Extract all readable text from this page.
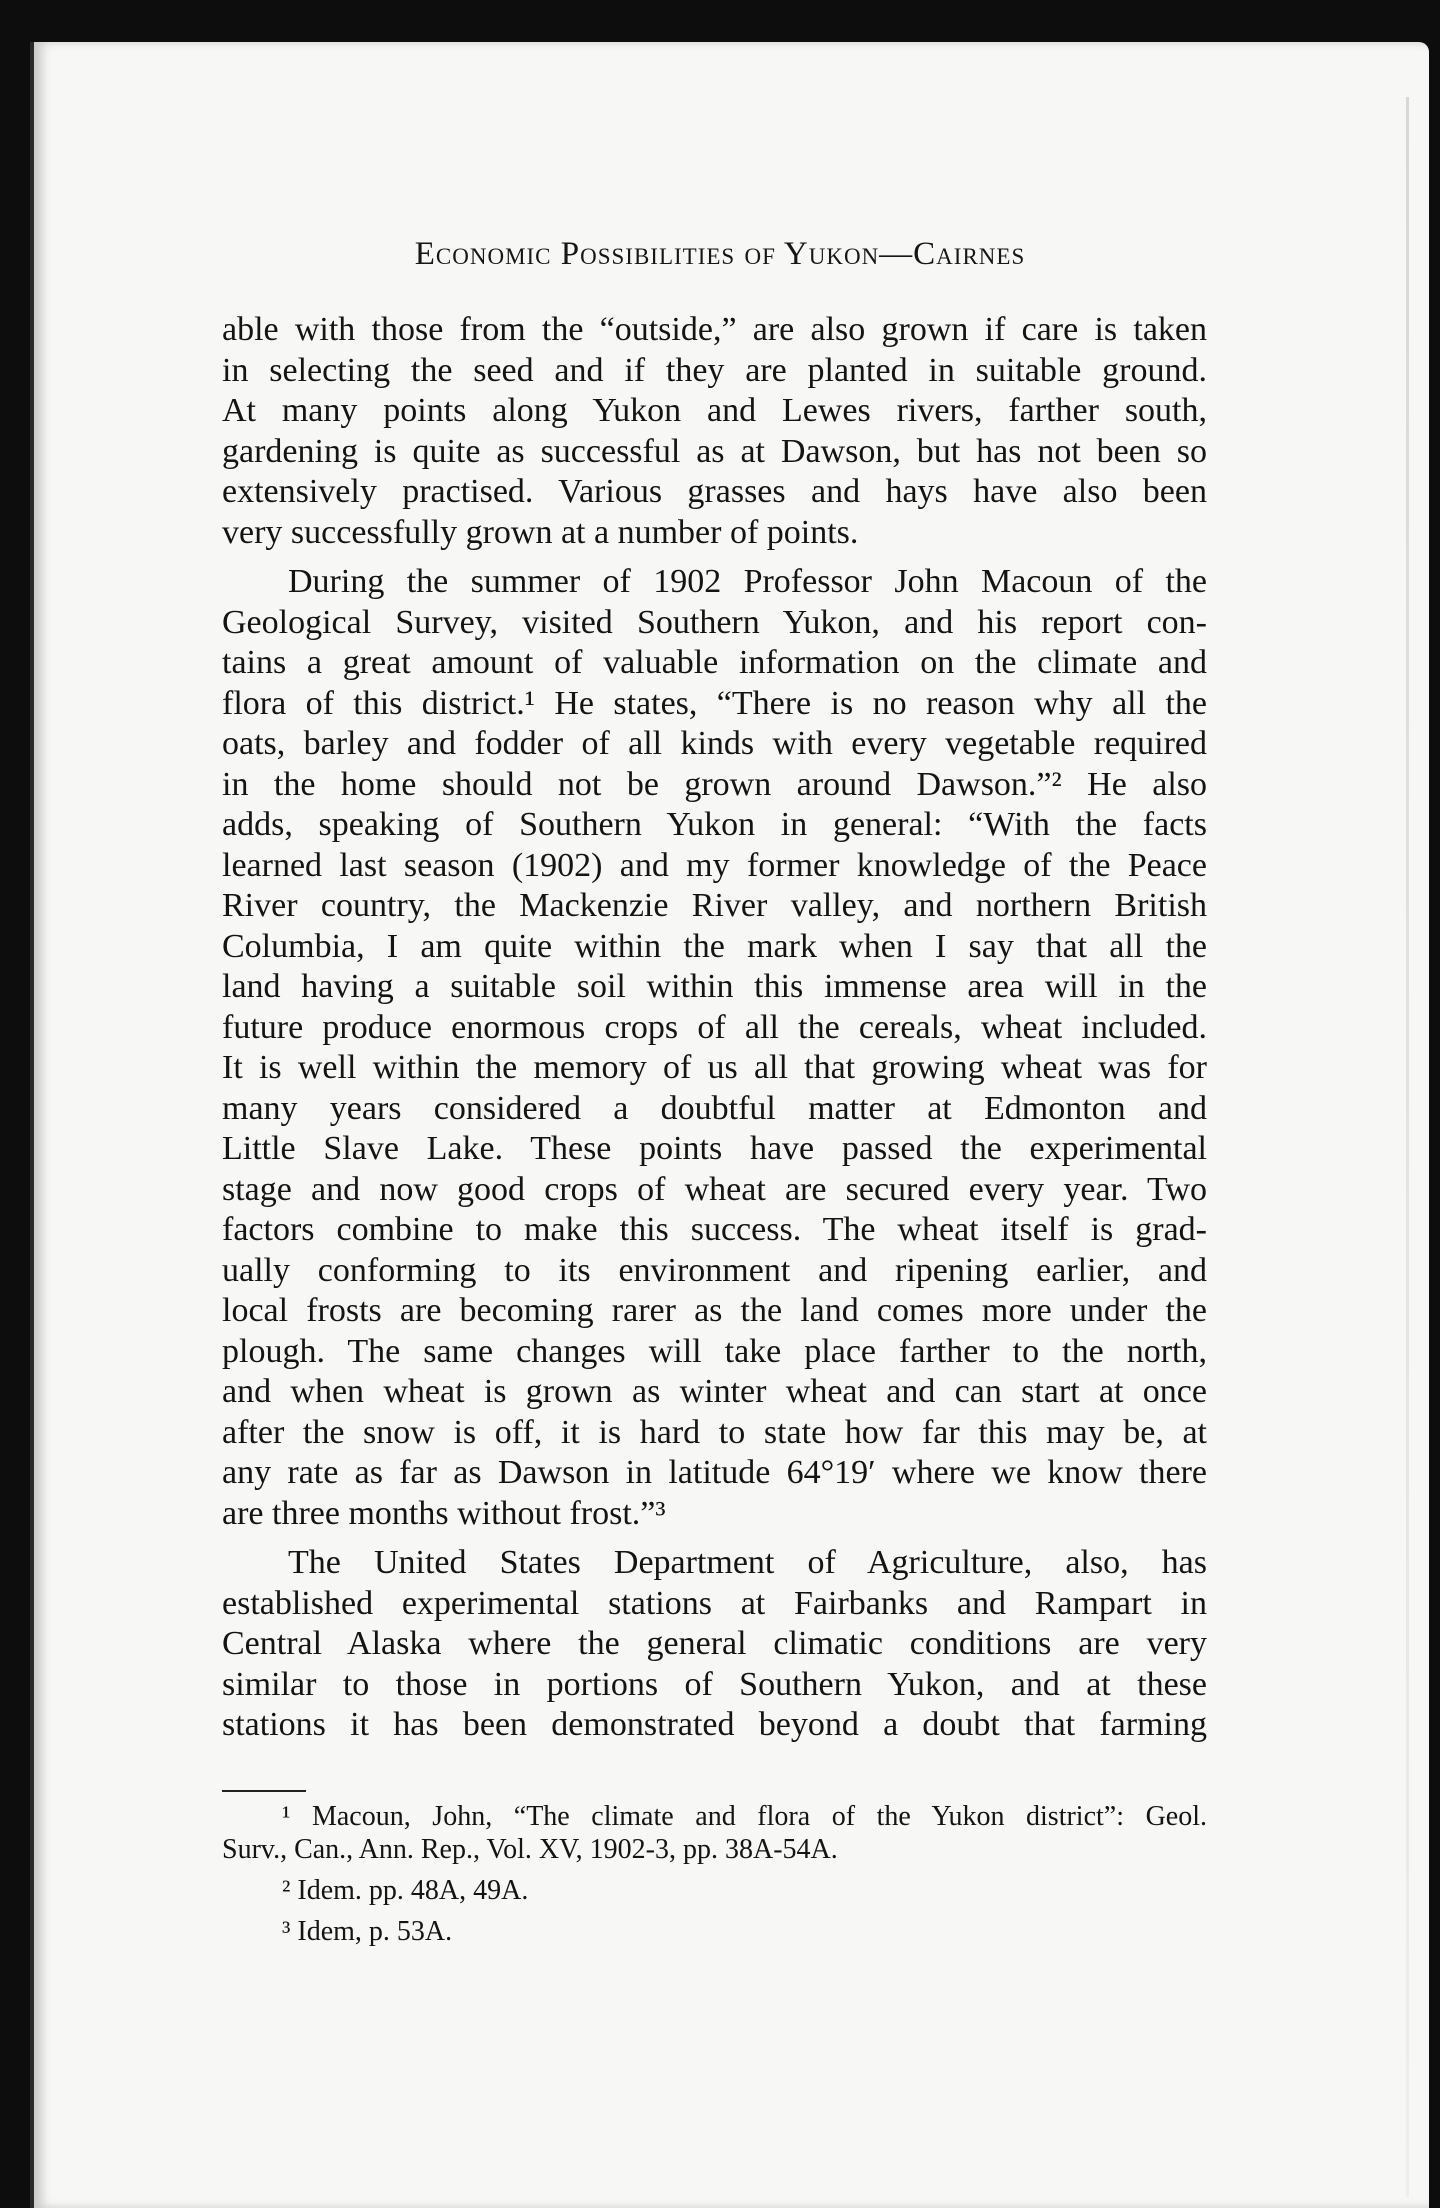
Economic Possibilities of Yukon—Cairnes
able with those from the “outside,” are also grown if care is taken
in selecting the seed and if they are planted in suitable ground.
At many points along Yukon and Lewes rivers, farther south,
gardening is quite as successful as at Dawson, but has not been so
extensively practised. Various grasses and hays have also been
very successfully grown at a number of points.
During the summer of 1902 Professor John Macoun of the
Geological Survey, visited Southern Yukon, and his report con-
tains a great amount of valuable information on the climate and
flora of this district.¹ He states, “There is no reason why all the
oats, barley and fodder of all kinds with every vegetable required
in the home should not be grown around Dawson.”² He also
adds, speaking of Southern Yukon in general: “With the facts
learned last season (1902) and my former knowledge of the Peace
River country, the Mackenzie River valley, and northern British
Columbia, I am quite within the mark when I say that all the
land having a suitable soil within this immense area will in the
future produce enormous crops of all the cereals, wheat included.
It is well within the memory of us all that growing wheat was for
many years considered a doubtful matter at Edmonton and
Little Slave Lake. These points have passed the experimental
stage and now good crops of wheat are secured every year. Two
factors combine to make this success. The wheat itself is grad-
ually conforming to its environment and ripening earlier, and
local frosts are becoming rarer as the land comes more under the
plough. The same changes will take place farther to the north,
and when wheat is grown as winter wheat and can start at once
after the snow is off, it is hard to state how far this may be, at
any rate as far as Dawson in latitude 64°19′ where we know there
are three months without frost.”³
The United States Department of Agriculture, also, has
established experimental stations at Fairbanks and Rampart in
Central Alaska where the general climatic conditions are very
similar to those in portions of Southern Yukon, and at these
stations it has been demonstrated beyond a doubt that farming
¹ Macoun, John, “The climate and flora of the Yukon district”: Geol.
Surv., Can., Ann. Rep., Vol. XV, 1902-3, pp. 38A-54A.
² Idem. pp. 48A, 49A.
³ Idem, p. 53A.
